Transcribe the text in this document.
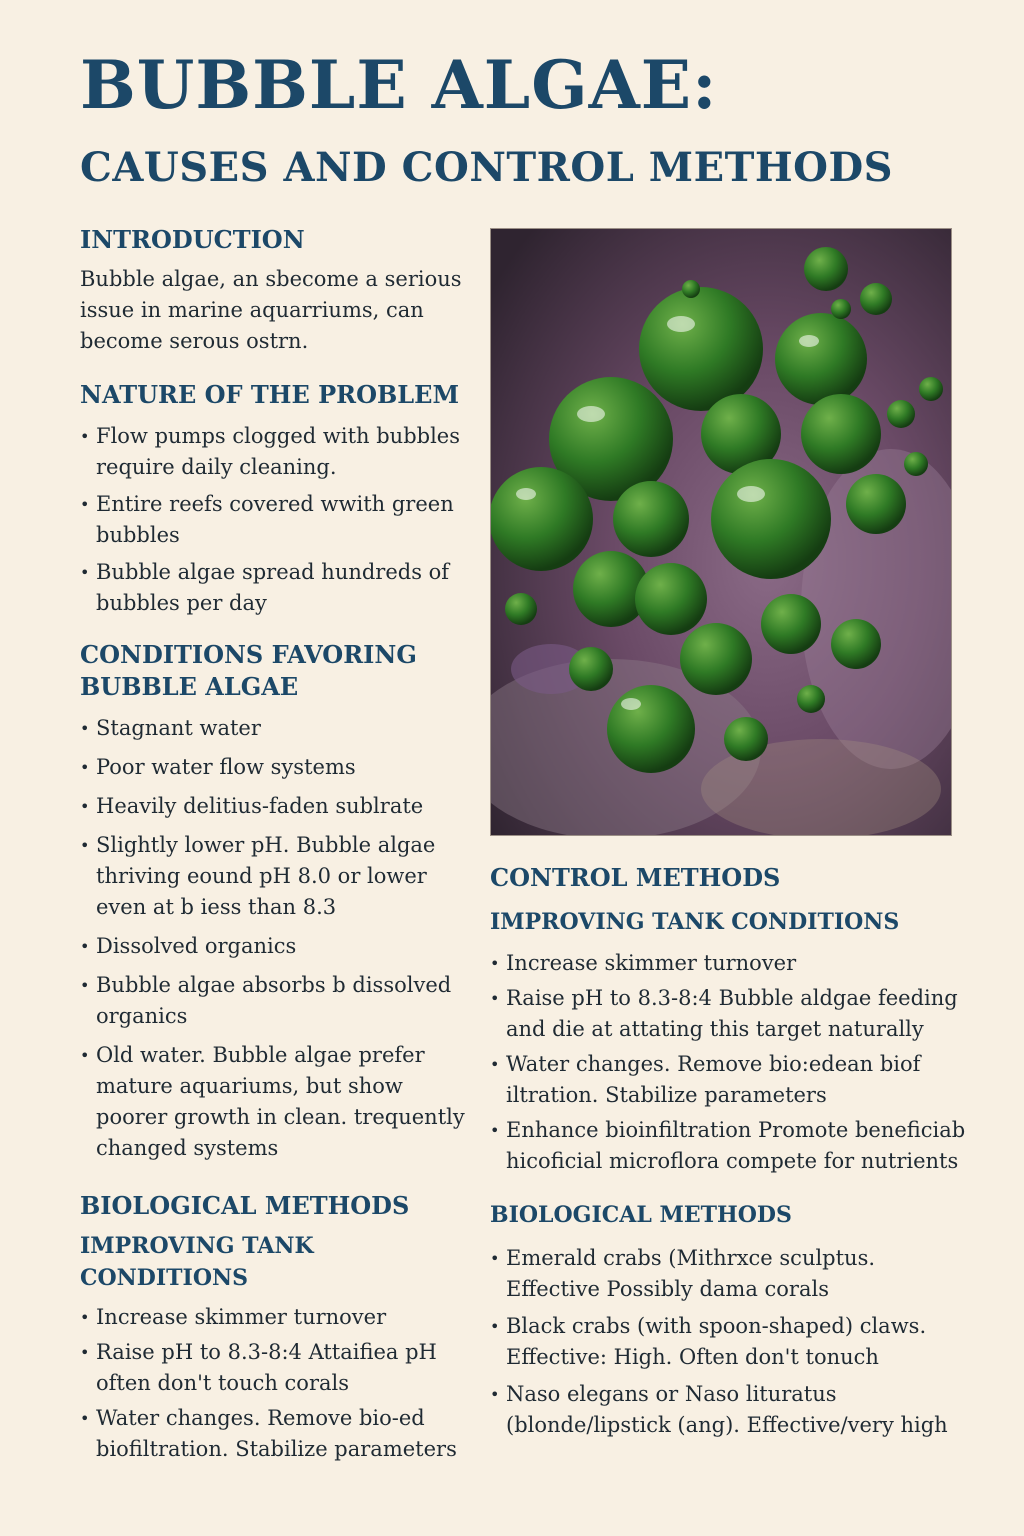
BUBBLE ALGAE:
CAUSES AND CONTROL METHODS
INTRODUCTION

Bubble algae, an sbecome a serious issue in marine aquarriums, can become serous ostrn.

NATURE OF THE PROBLEM
• Flow pumps clogged with bubbles require daily cleaning.
• Entire reefs covered wwith green bubbles
• Bubble algae spread hundreds of bubbles per day
CONDITIONS FAVORING BUBBLE ALGAE
• Stagnant water
• Poor water flow systems
• Heavily delitius-faden sublrate
• Slightly lower pH. Bubble algae thriving eound pH 8.0 or lower even at b iess than 8.3
• Dissolved organics
• Bubble algae absorbs b dissolved organics
• Old water. Bubble algae prefer mature aquariums, but show poorer growth in clean. trequently changed systems
BIOLOGICAL METHODS
IMPROVING TANK CONDITIONS
• Increase skimmer turnover
• Raise pH to 8.3-8:4 Attaifiea pH often don't touch corals
• Water changes. Remove bio-ed biofiltration. Stabilize parameters
CONTROL METHODS
IMPROVING TANK CONDITIONS
• Increase skimmer turnover
• Raise pH to 8.3-8:4 Bubble aldgae feeding and die at attating this target naturally
• Water changes. Remove bio:edean biof iltration. Stabilize parameters
• Enhance bioinfiltration Promote beneficiab hicoficial microflora compete for nutrients
BIOLOGICAL METHODS
• Emerald crabs (Mithrxce sculptus. Effective Possibly dama corals
• Black crabs (with spoon-shaped) claws. Effective: High. Often don't tonuch
• Naso elegans or Naso lituratus (blonde/lipstick (ang). Effective/very high
